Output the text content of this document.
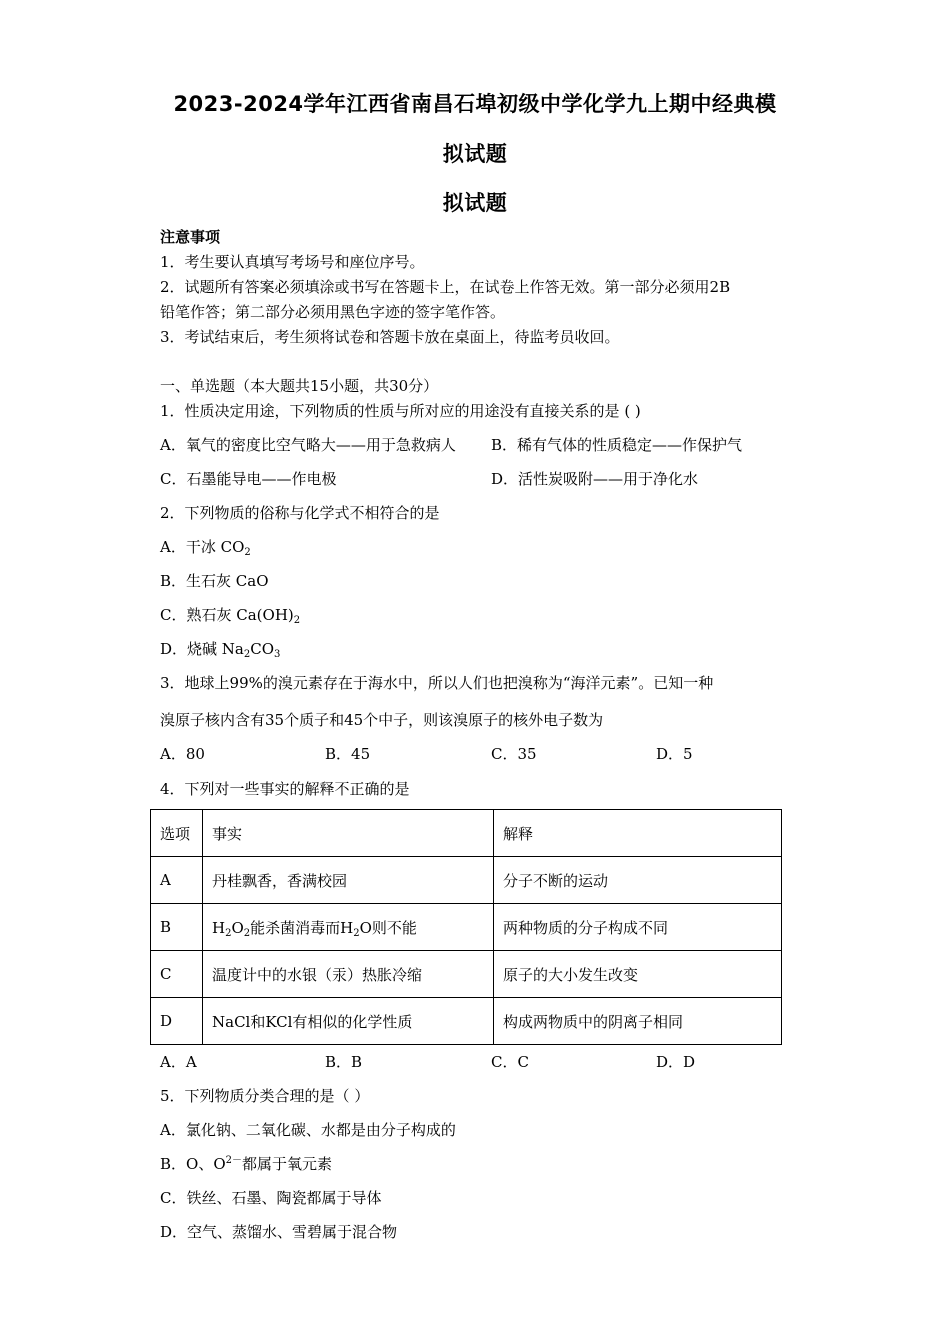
2023-2024学年江西省南昌石埠初级中学化学九上期中经典模
拟试题
拟试题
注意事项
1．考生要认真填写考场号和座位序号。
2．试题所有答案必须填涂或书写在答题卡上，在试卷上作答无效。第一部分必须用2B
铅笔作答；第二部分必须用黑色字迹的签字笔作答。
3．考试结束后，考生须将试卷和答题卡放在桌面上，待监考员收回。
一、单选题（本大题共15小题，共30分）
1．性质决定用途，下列物质的性质与所对应的用途没有直接关系的是 ( )
A．氧气的密度比空气略大——用于急救病人 B．稀有气体的性质稳定——作保护气
C．石墨能导电——作电极	D．活性炭吸附——用于净化水
2．下列物质的俗称与化学式不相符合的是
A．干冰 $CO_2$
B．生石灰 CaO
C．熟石灰 $Ca(OH)_2$
D．烧碱 $Na_2CO_3$
3．地球上99%的溴元素存在于海水中，所以人们也把溴称为“海洋元素”。已知一种
溴原子核内含有35个质子和45个中子，则该溴原子的核外电子数为
A．80	B．45	C．35	D．5
4．下列对一些事实的解释不正确的是
选项	事实	解释
A	丹桂飘香，香满校园	分子不断的运动
B	$H_2O_2$能杀菌消毒而$H_2O$则不能	两种物质的分子构成不同
C	温度计中的水银（汞）热胀冷缩	原子的大小发生改变
D	NaCl和KCl有相似的化学性质	构成两物质中的阴离子相同
A．A	B．B	C．C	D．D
5．下列物质分类合理的是（ ）
A．氯化钠、二氧化碳、水都是由分子构成的
B．O、$O^{2-}$都属于氧元素
C．铁丝、石墨、陶瓷都属于导体
D．空气、蒸馏水、雪碧属于混合物
